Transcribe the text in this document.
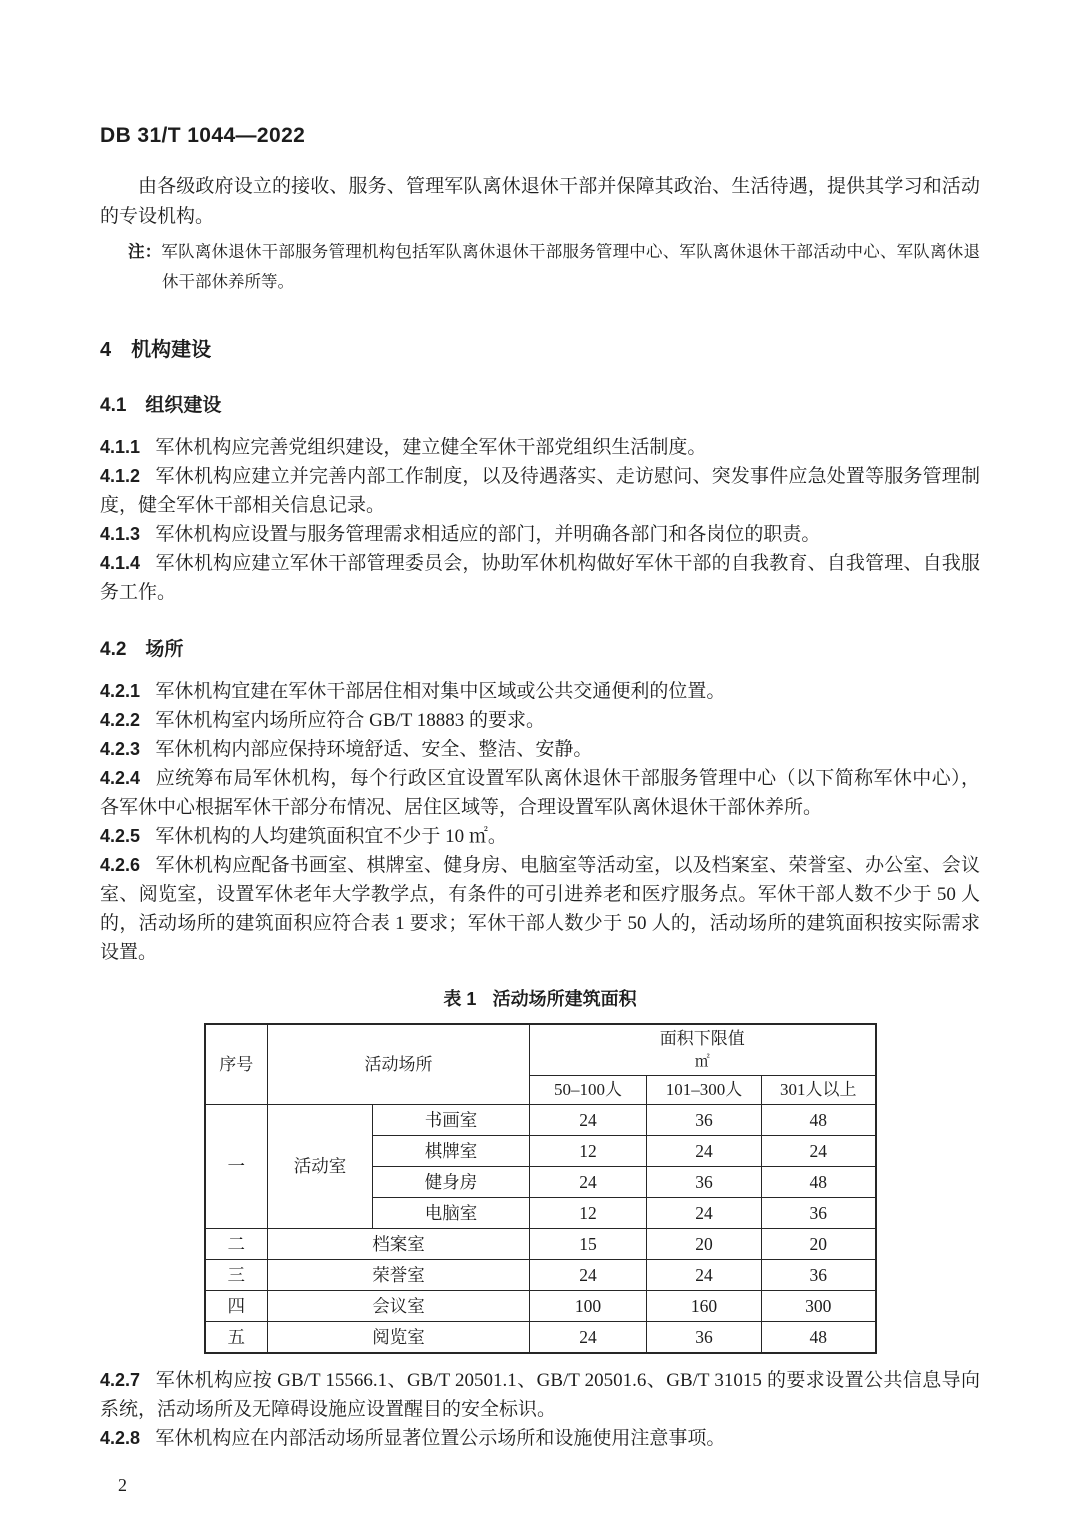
DB 31/T 1044—2022

由各级政府设立的接收、服务、管理军队离休退休干部并保障其政治、生活待遇，提供其学习和活动的专设机构。

注：军队离休退休干部服务管理机构包括军队离休退休干部服务管理中心、军队离休退休干部活动中心、军队离休退休干部休养所等。

4 机构建设
4.1 组织建设

4.1.1 军休机构应完善党组织建设，建立健全军休干部党组织生活制度。

4.1.2 军休机构应建立并完善内部工作制度，以及待遇落实、走访慰问、突发事件应急处置等服务管理制度，健全军休干部相关信息记录。

4.1.3 军休机构应设置与服务管理需求相适应的部门，并明确各部门和各岗位的职责。

4.1.4 军休机构应建立军休干部管理委员会，协助军休机构做好军休干部的自我教育、自我管理、自我服务工作。

4.2 场所

4.2.1 军休机构宜建在军休干部居住相对集中区域或公共交通便利的位置。

4.2.2 军休机构室内场所应符合 GB/T 18883 的要求。

4.2.3 军休机构内部应保持环境舒适、安全、整洁、安静。

4.2.4 应统筹布局军休机构，每个行政区宜设置军队离休退休干部服务管理中心（以下简称军休中心），各军休中心根据军休干部分布情况、居住区域等，合理设置军队离休退休干部休养所。

4.2.5 军休机构的人均建筑面积宜不少于 10 ㎡。

4.2.6 军休机构应配备书画室、棋牌室、健身房、电脑室等活动室，以及档案室、荣誉室、办公室、会议室、阅览室，设置军休老年大学教学点，有条件的可引进养老和医疗服务点。军休干部人数不少于 50 人的，活动场所的建筑面积应符合表 1 要求；军休干部人数少于 50 人的，活动场所的建筑面积按实际需求设置。

表 1 活动场所建筑面积
序号	活动场所		面积下限值
㎡		

			50–100人	101–300人	301人以上
一	活动室	书画室	24	36	48
		棋牌室	12	24	24
		健身房	24	36	48
		电脑室	12	24	36
二	档案室		15	20	20
三	荣誉室		24	24	36
四	会议室		100	160	300
五	阅览室		24	36	48

4.2.7 军休机构应按 GB/T 15566.1、GB/T 20501.1、GB/T 20501.6、GB/T 31015 的要求设置公共信息导向系统，活动场所及无障碍设施应设置醒目的安全标识。

4.2.8 军休机构应在内部活动场所显著位置公示场所和设施使用注意事项。

2
